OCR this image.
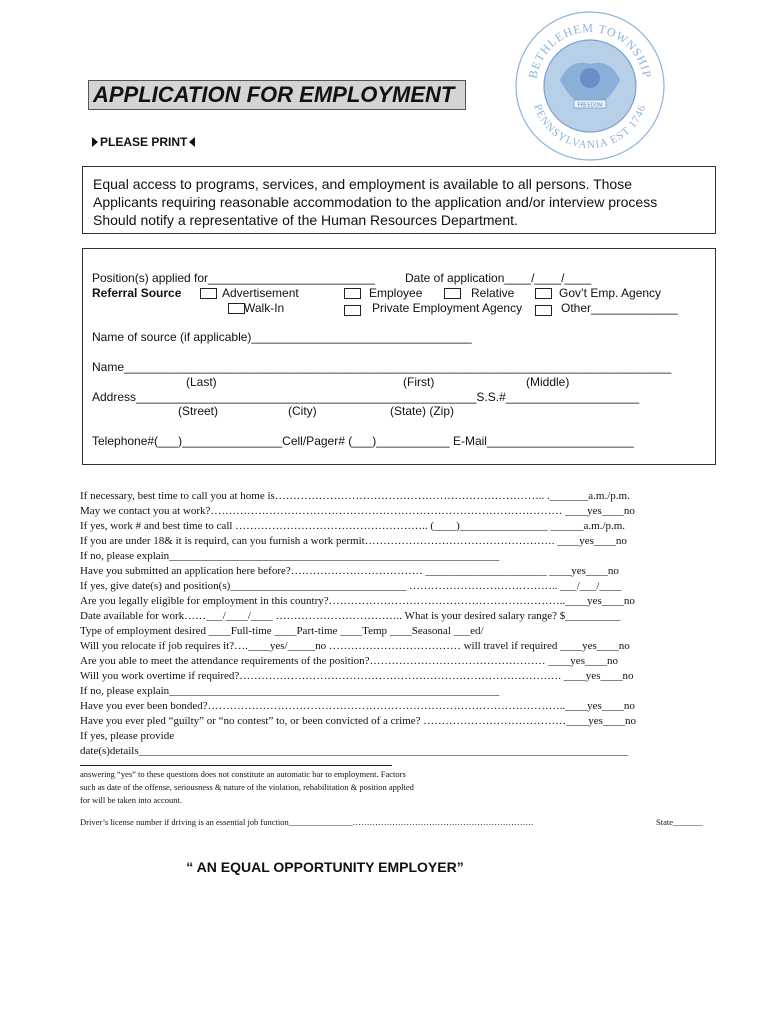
FREEDOM
BETHLEHEM TOWNSHIP
PENNSYLVANIA EST 1746
APPLICATION FOR EMPLOYMENT
PLEASE PRINT
Equal access to programs, services, and employment is available to all persons. Those
Applicants requiring reasonable accommodation to the application and/or interview process
Should notify a representative of the Human Resources Department.
Position(s) applied for_________________________	Date of application____/____/____
Referral Source	Advertisement	Employee	Relative	Gov’t Emp. Agency
Walk-In	Private Employment Agency	Other_____________
Name of source (if applicable)_________________________________
Name__________________________________________________________________________________
(Last)	(First)	(Middle)
Address___________________________________________________S.S.#____________________
(Street)	(City)	(State) (Zip)
Telephone#(___)_______________Cell/Pager# (___)___________ E-Mail______________________
If necessary, best time to call you at home is……………………………………………………………….. ._______a.m./p.m.
May we contact you at work?…………………………………………………………………………………… ____yes____no
If yes, work # and best time to call …………………………………………….. (____)________________ ______a.m./p.m.
If you are under 18& it is requird, can you furnish a work permit……………………………………………. ____yes____no
If no, please explain____________________________________________________________
Have you submitted an application here before?……………………………… ______________________ ____yes____no
If yes, give date(s) and position(s)________________________________ ………………………………….. ___/___/____
Are you legally eligible for employment in this country?………………………………………………………..____yes____no
Date available for work……___/____/____ …………………………….. What is your desired salary range? $__________
Type of employment desired ____Full-time ____Part-time ____Temp ____Seasonal ___ed/
Will you relocate if job requires it?….____yes/_____no ……………………………… will travel if required ____yes____no
Are you able to meet the attendance requirements of the position?………………………………………… ____yes____no
Will you work overtime if required?……………………………………………………………………………. ____yes____no
If no, please explain____________________________________________________________
Have you ever been bonded?……………………………………………………………………………………..____yes____no
Have you ever pled “guilty” or “no contest” to, or been convicted of a crime? …………………………………____yes____no
If yes, please provide
date(s)details_________________________________________________________________________________________
answering “yes” to these questions does not constitute an automatic bar to employment. Factors
such as date of the offense, seriousness & nature of the violation, rehabilitation & position applied
for will be taken into account.
Driver’s license number if driving is an essential job function_______________……………………………………………………….	State_______
“ AN EQUAL OPPORTUNITY EMPLOYER”
